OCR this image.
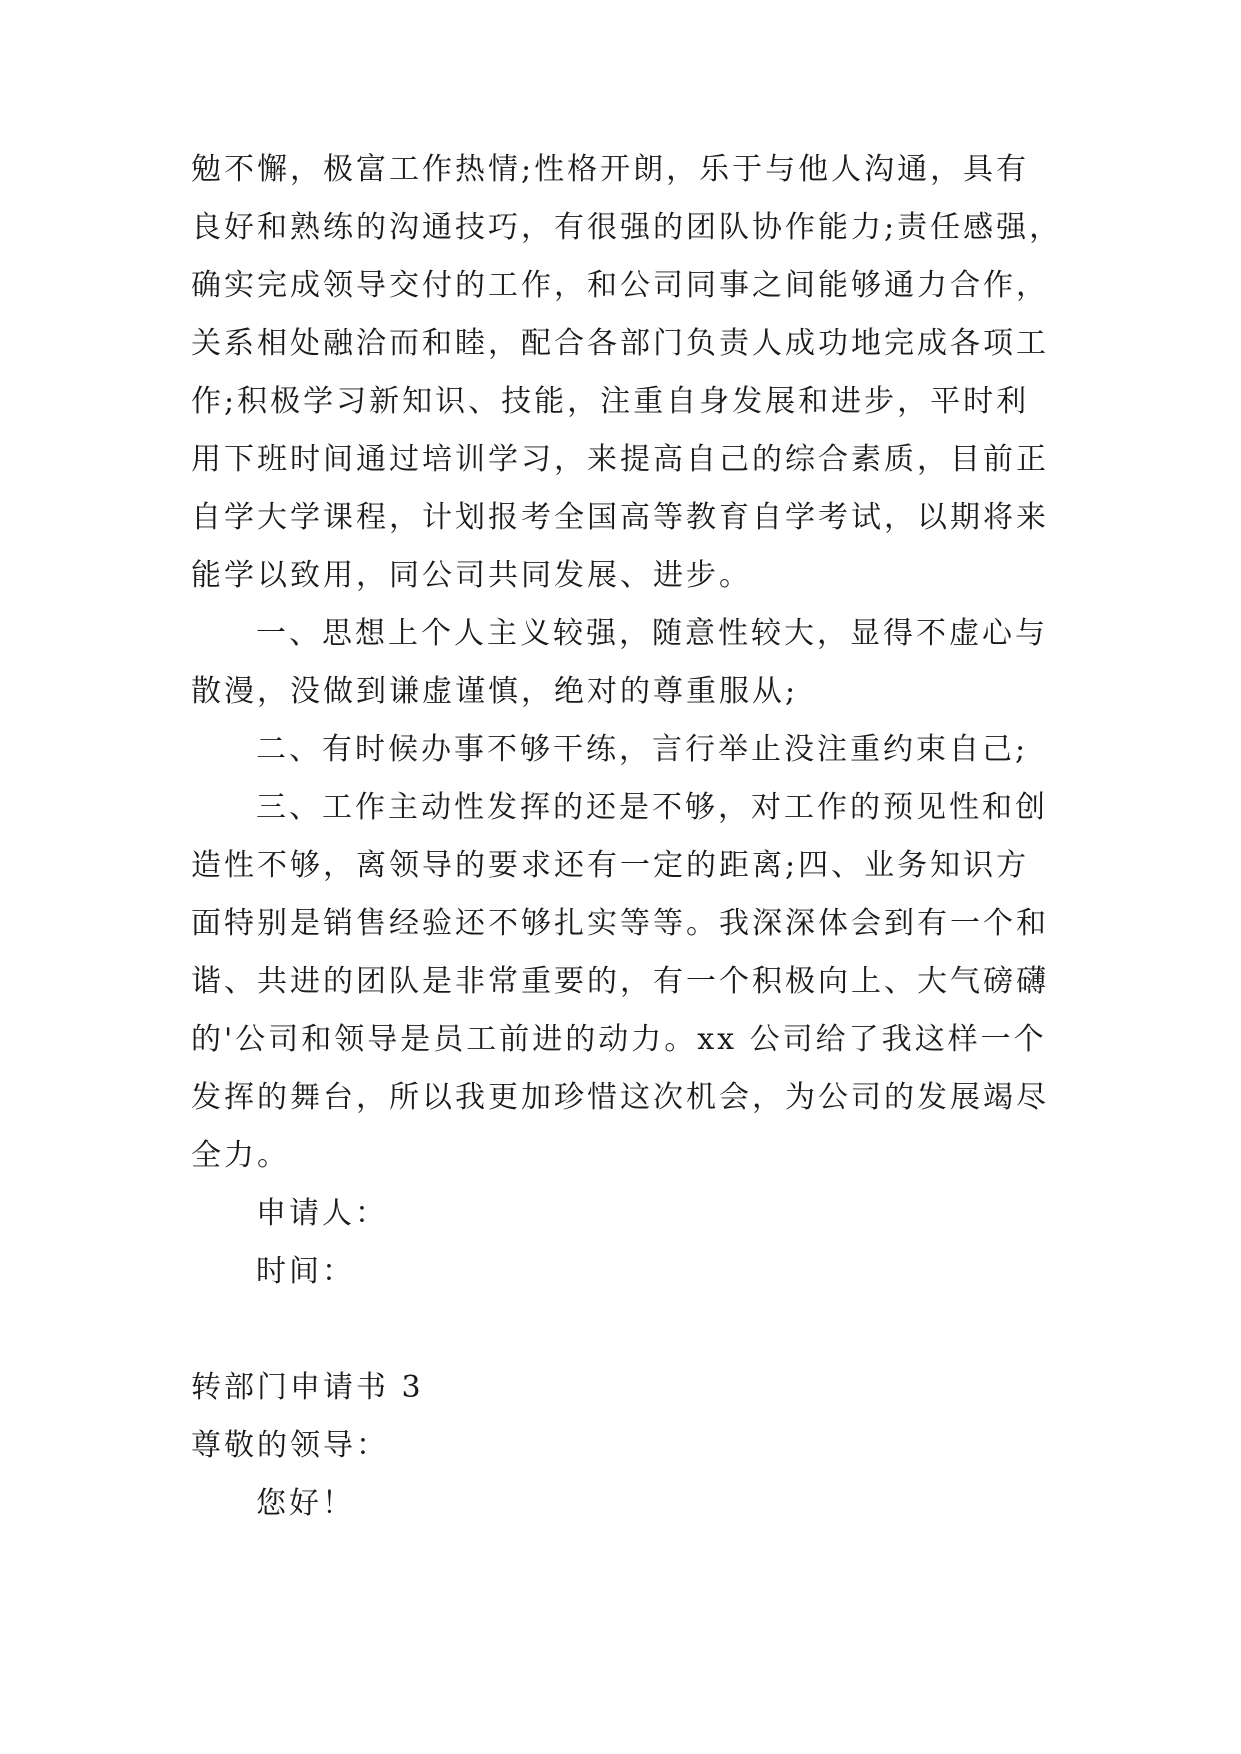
勉不懈，极富工作热情;性格开朗，乐于与他人沟通，具有
良好和熟练的沟通技巧，有很强的团队协作能力;责任感强，
确实完成领导交付的工作，和公司同事之间能够通力合作，
关系相处融洽而和睦，配合各部门负责人成功地完成各项工
作;积极学习新知识、技能，注重自身发展和进步，平时利
用下班时间通过培训学习，来提高自己的综合素质，目前正
自学大学课程，计划报考全国高等教育自学考试，以期将来
能学以致用，同公司共同发展、进步。
一、思想上个人主义较强，随意性较大，显得不虚心与
散漫，没做到谦虚谨慎，绝对的尊重服从;
二、有时候办事不够干练，言行举止没注重约束自己;
三、工作主动性发挥的还是不够，对工作的预见性和创
造性不够，离领导的要求还有一定的距离;四、业务知识方
面特别是销售经验还不够扎实等等。我深深体会到有一个和
谐、共进的团队是非常重要的，有一个积极向上、大气磅礴
的'公司和领导是员工前进的动力。xx 公司给了我这样一个
发挥的舞台，所以我更加珍惜这次机会，为公司的发展竭尽
全力。
申请人：
时间：
转部门申请书 3
尊敬的领导：
您好！
